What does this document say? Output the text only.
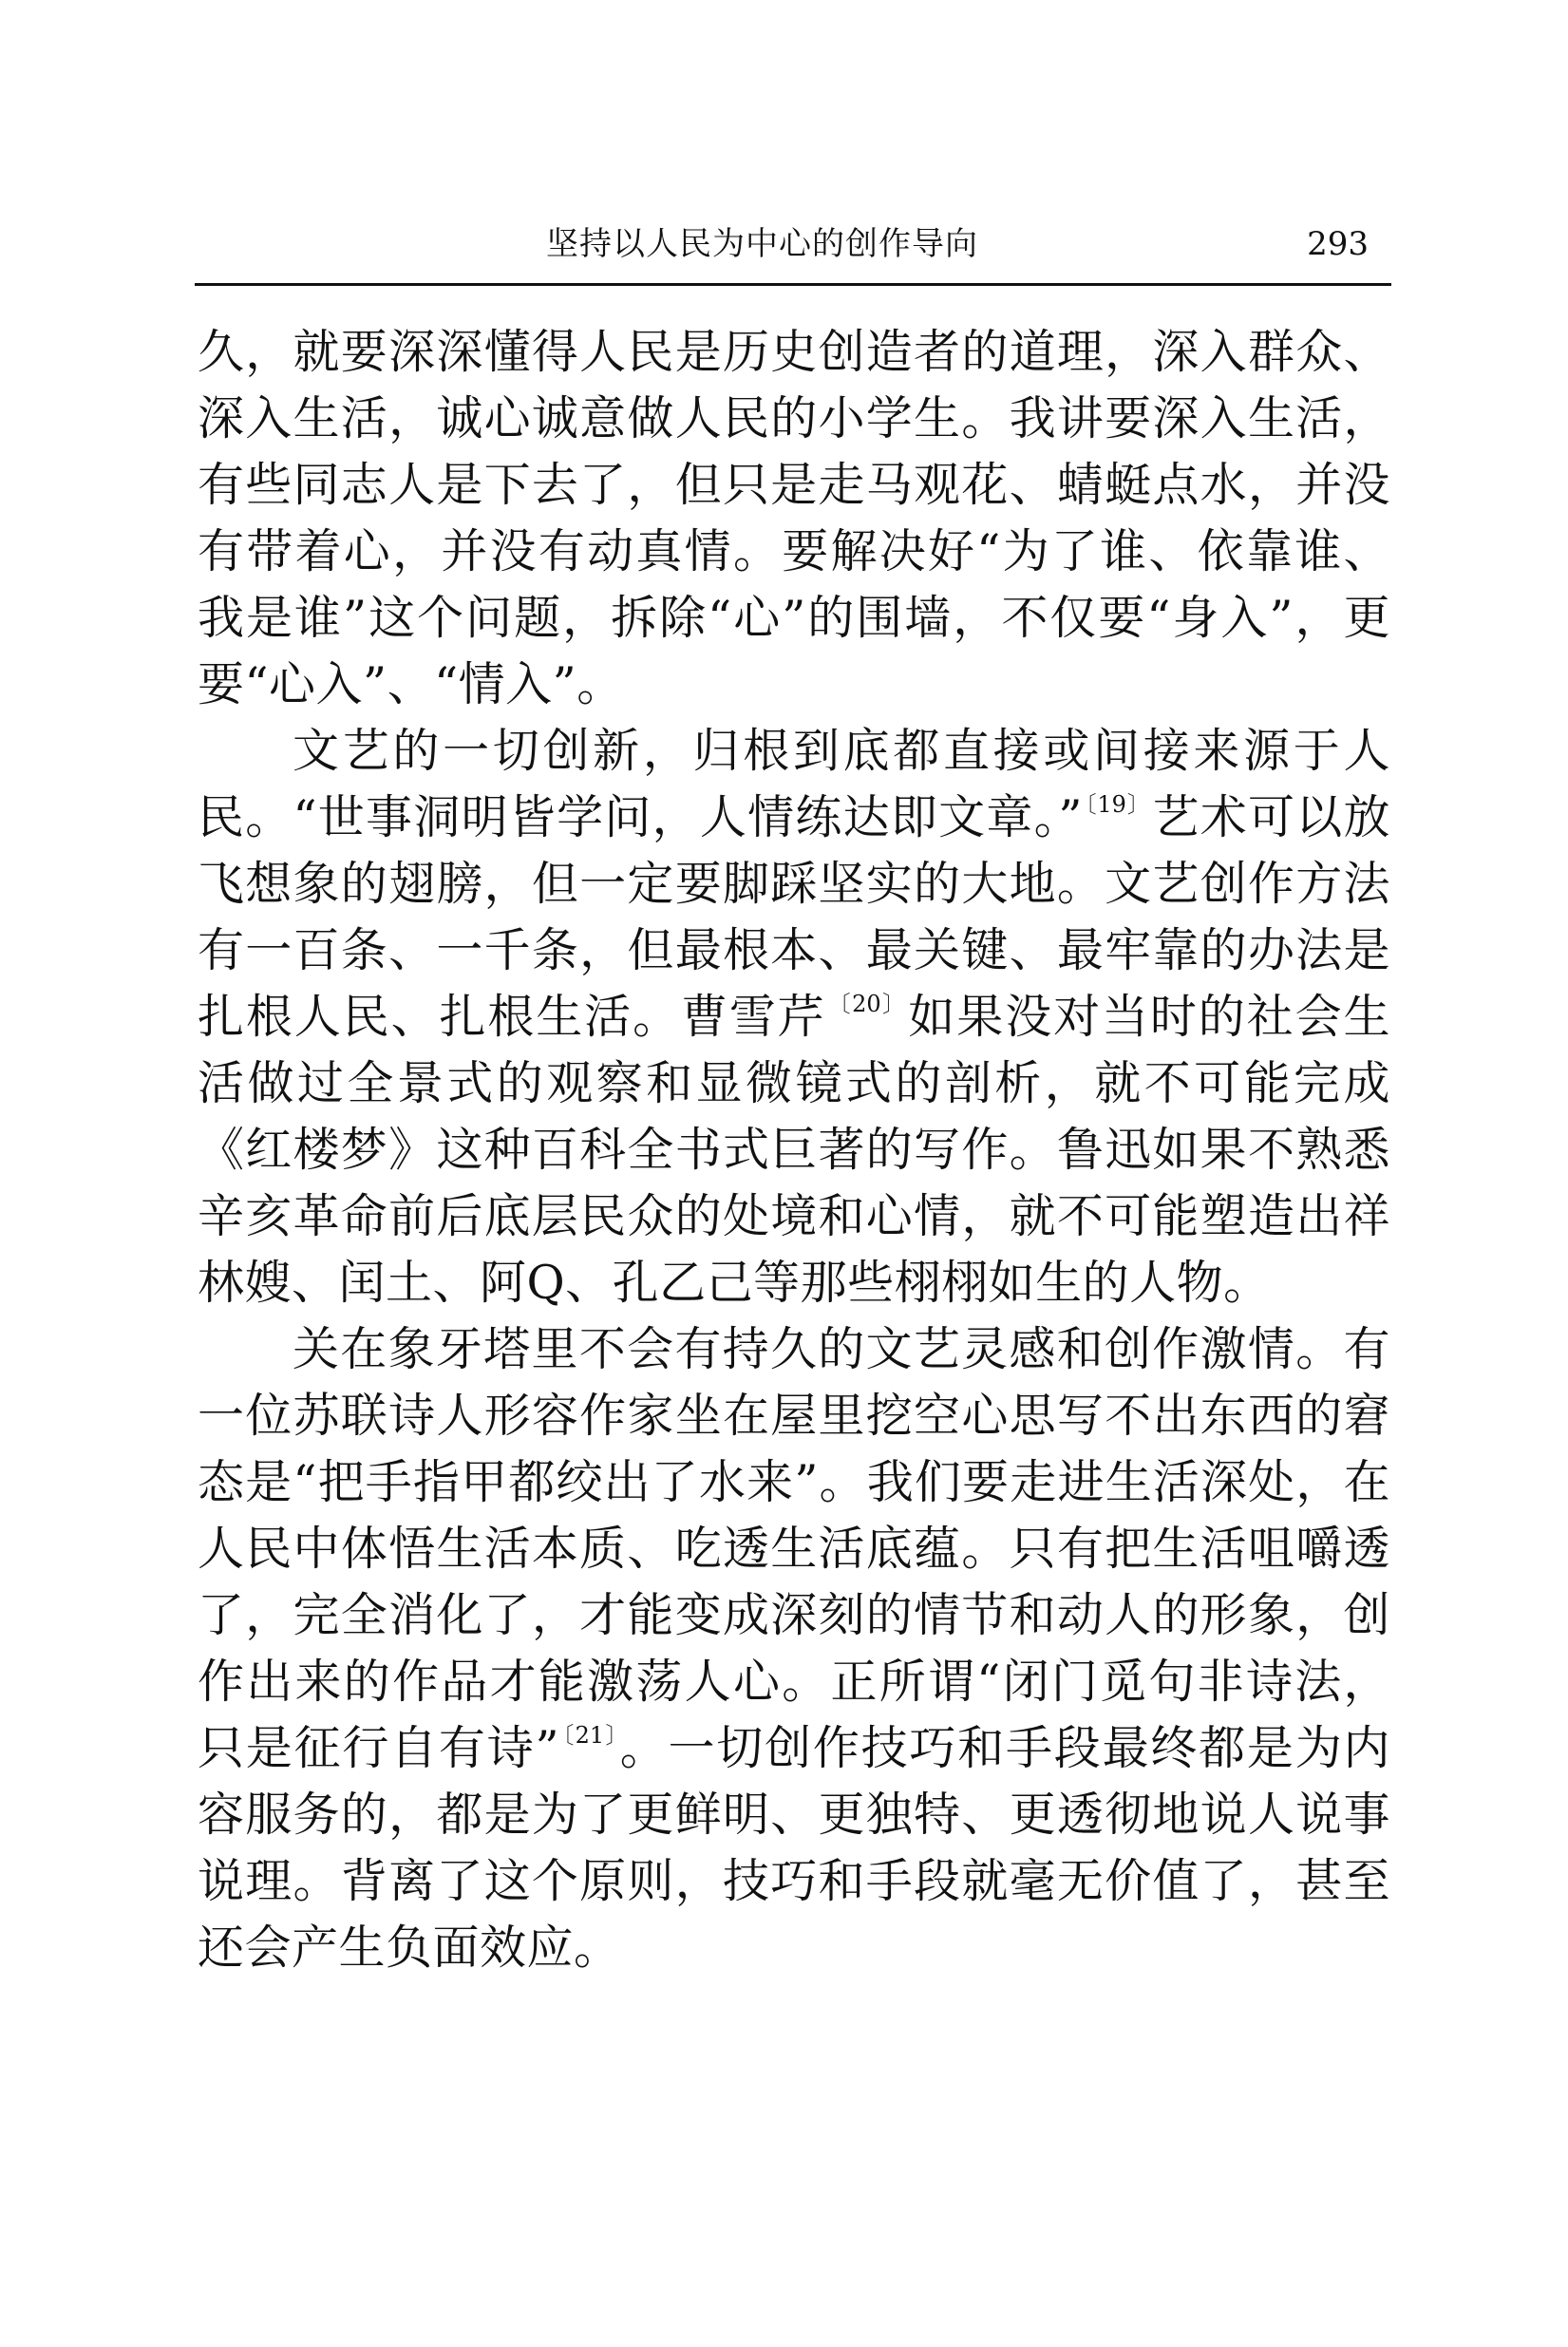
坚持以人民为中心的创作导向	293

久，就要深深懂得人民是历史创造者的道理，深入群众、深入生活，诚心诚意做人民的小学生。我讲要深入生活，有些同志人是下去了，但只是走马观花、蜻蜓点水，并没有带着心，并没有动真情。要解决好“为了谁、依靠谁、我是谁”这个问题，拆除“心”的围墙，不仅要“身入”，更要“心入”、“情入”。

文艺的一切创新，归根到底都直接或间接来源于人民。“世事洞明皆学问，人情练达即文章。”$^{〔19〕}$艺术可以放飞想象的翅膀，但一定要脚踩坚实的大地。文艺创作方法有一百条、一千条，但最根本、最关键、最牢靠的办法是扎根人民、扎根生活。曹雪芹$^{〔20〕}$如果没对当时的社会生活做过全景式的观察和显微镜式的剖析，就不可能完成《红楼梦》这种百科全书式巨著的写作。鲁迅如果不熟悉辛亥革命前后底层民众的处境和心情，就不可能塑造出祥林嫂、闰土、阿Q、孔乙己等那些栩栩如生的人物。

关在象牙塔里不会有持久的文艺灵感和创作激情。有一位苏联诗人形容作家坐在屋里挖空心思写不出东西的窘态是“把手指甲都绞出了水来”。我们要走进生活深处，在人民中体悟生活本质、吃透生活底蕴。只有把生活咀嚼透了，完全消化了，才能变成深刻的情节和动人的形象，创作出来的作品才能激荡人心。正所谓“闭门觅句非诗法，只是征行自有诗”$^{〔21〕}$。一切创作技巧和手段最终都是为内容服务的，都是为了更鲜明、更独特、更透彻地说人说事说理。背离了这个原则，技巧和手段就毫无价值了，甚至还会产生负面效应。
